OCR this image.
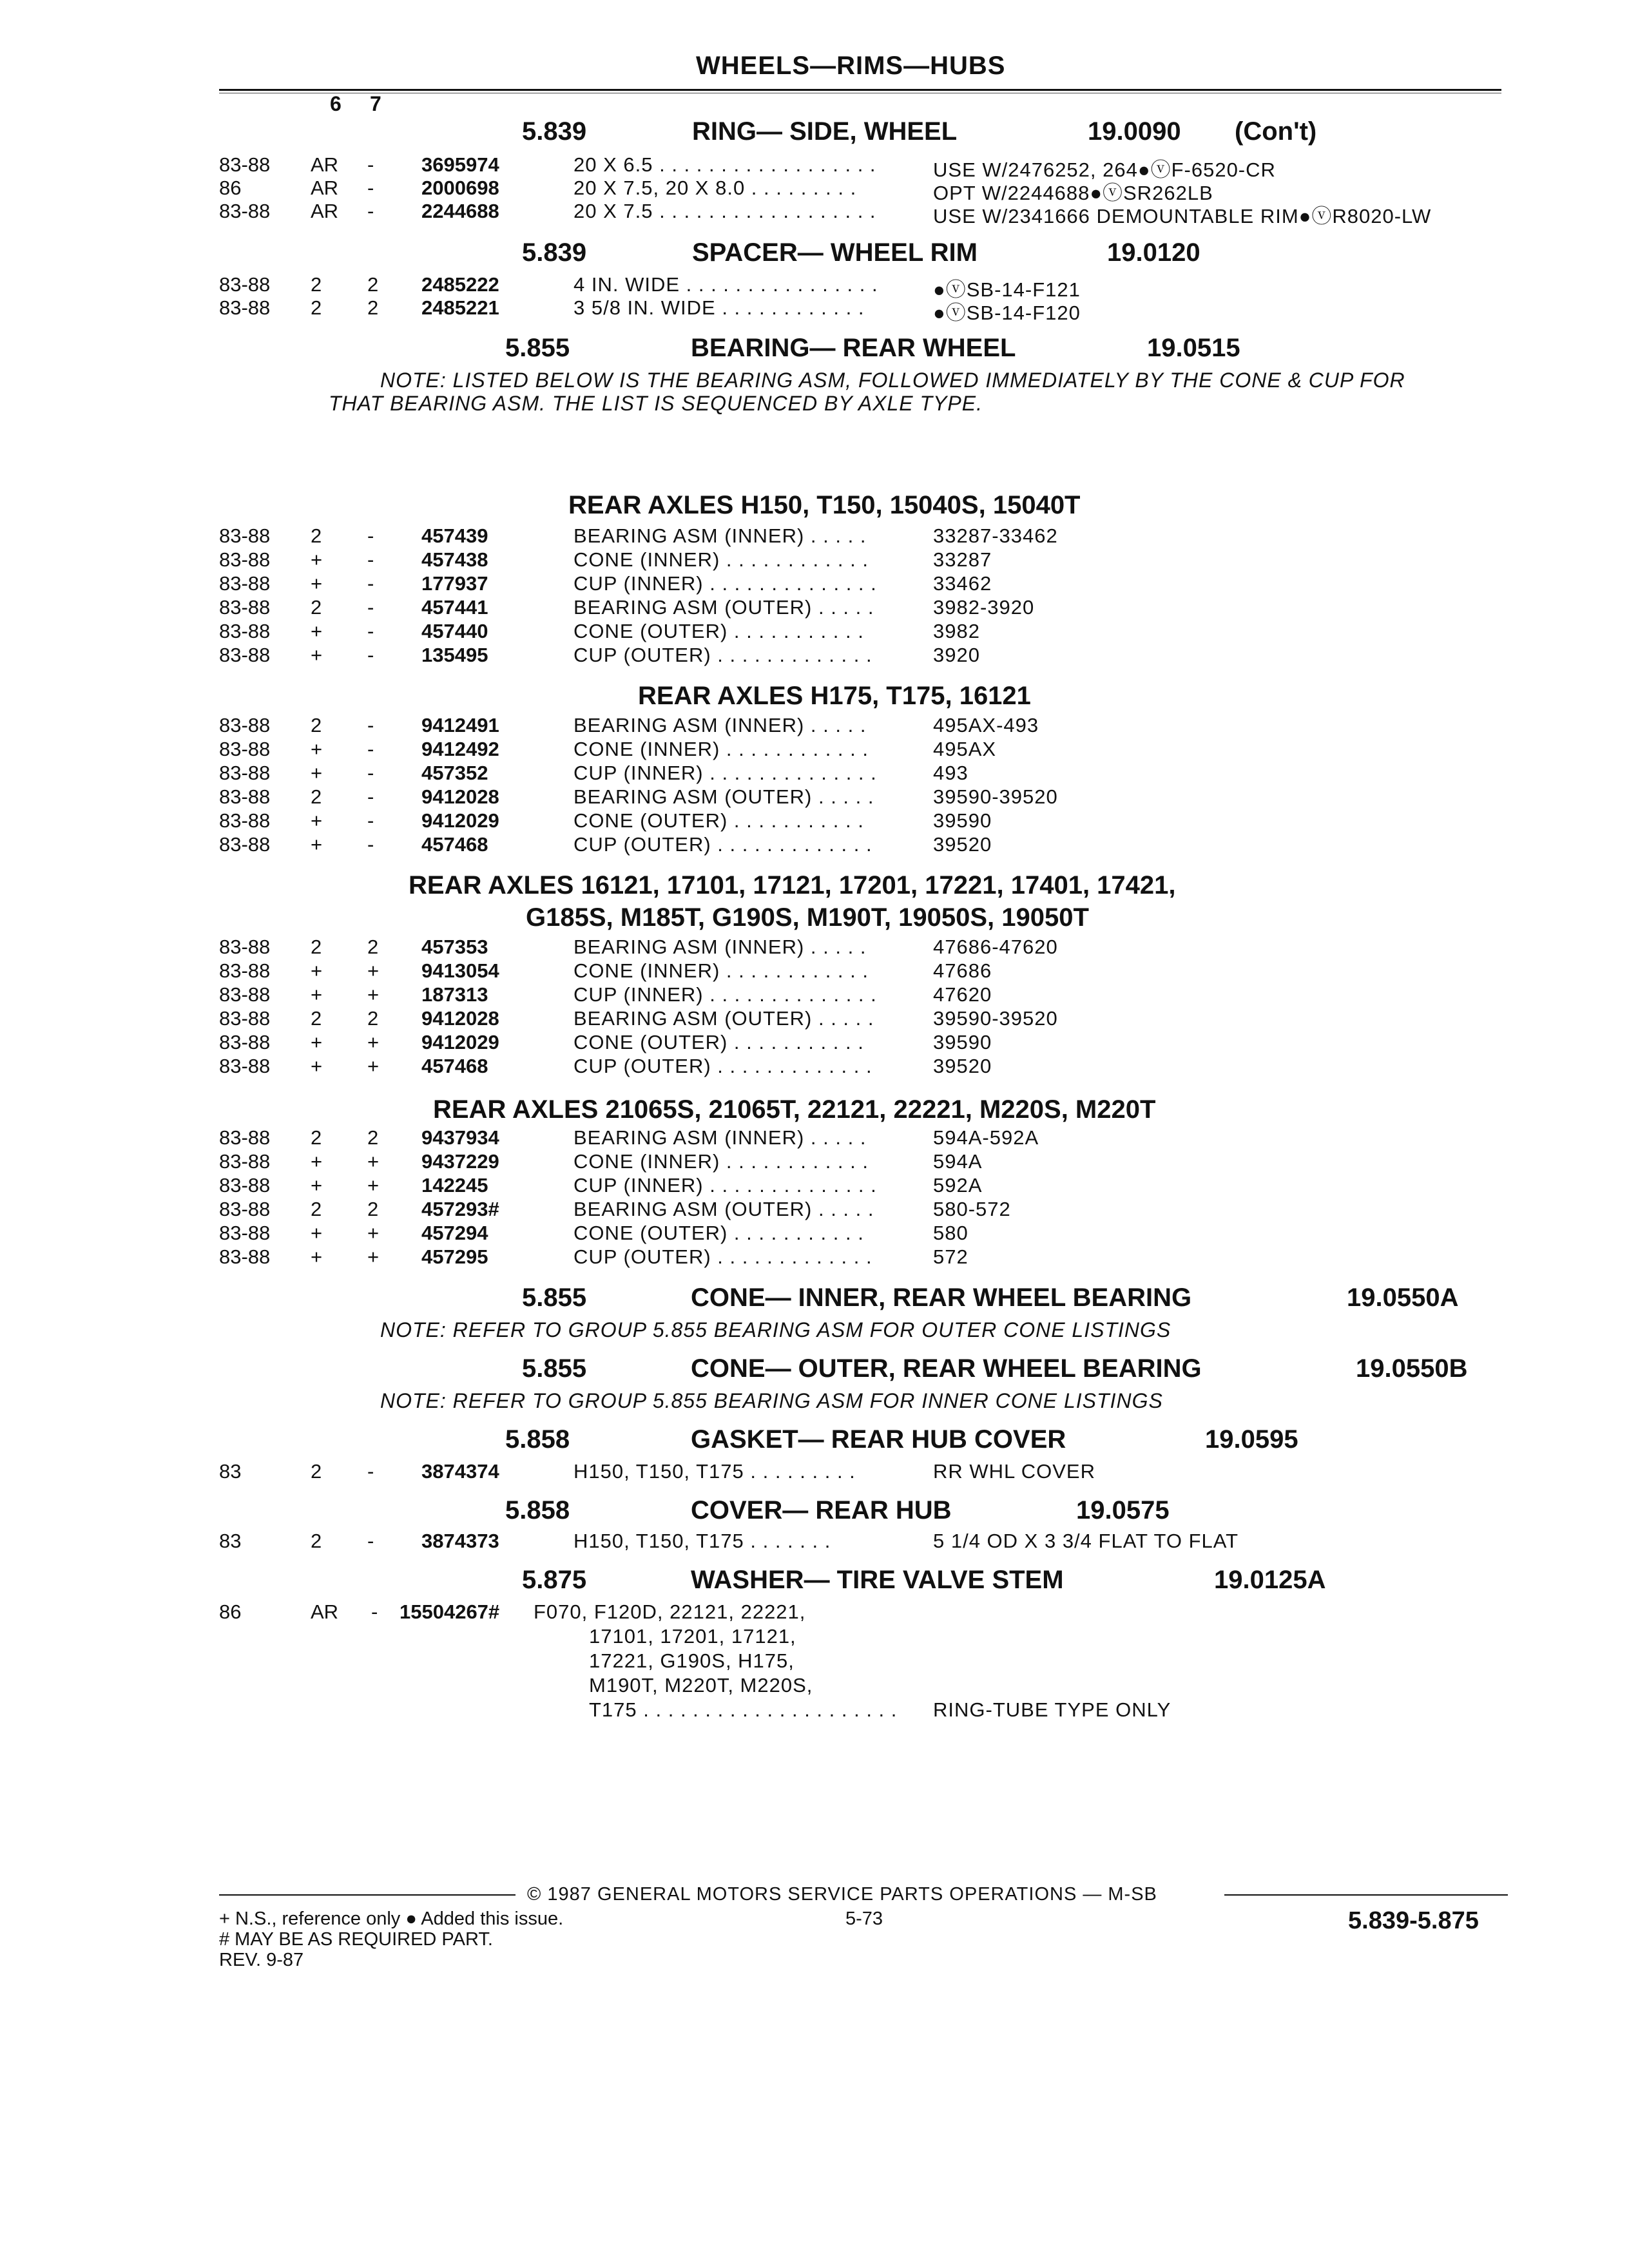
WHEELS—RIMS—HUBS
6 7
5.839	RING— SIDE, WHEEL	19.0090 (Con't)
83-88 AR - 3695974	20 X 6.5 . . . . . . . . . . . . . . . . . .	USE W/2476252, 264●ⓥF-6520-CR
86	AR - 2000698	20 X 7.5, 20 X 8.0 . . . . . . . . .	OPT W/2244688●ⓥSR262LB
83-88 AR - 2244688	20 X 7.5 . . . . . . . . . . . . . . . . . .	USE W/2341666 DEMOUNTABLE RIM●ⓥR8020-LW
5.839	SPACER— WHEEL RIM	19.0120
83-88 2 2 2485222	4 IN. WIDE . . . . . . . . . . . . . . . .	●ⓥSB-14-F121
83-88 2 2 2485221	3 5/8 IN. WIDE . . . . . . . . . . . .	●ⓥSB-14-F120
5.855	BEARING— REAR WHEEL	19.0515
NOTE: LISTED BELOW IS THE BEARING ASM, FOLLOWED IMMEDIATELY BY THE CONE & CUP FOR
THAT BEARING ASM. THE LIST IS SEQUENCED BY AXLE TYPE.
REAR AXLES H150, T150, 15040S, 15040T
83-88 2 - 457439	BEARING ASM (INNER) . . . . .	33287-33462
83-88 + - 457438	CONE (INNER) . . . . . . . . . . . .	33287
83-88 + - 177937	CUP (INNER) . . . . . . . . . . . . . .	33462
83-88 2 - 457441	BEARING ASM (OUTER) . . . . .	3982-3920
83-88 + - 457440	CONE (OUTER) . . . . . . . . . . .	3982
83-88 + - 135495	CUP (OUTER) . . . . . . . . . . . . .	3920
REAR AXLES H175, T175, 16121
83-88 2 - 9412491	BEARING ASM (INNER) . . . . .	495AX-493
83-88 + - 9412492	CONE (INNER) . . . . . . . . . . . .	495AX
83-88 + - 457352	CUP (INNER) . . . . . . . . . . . . . .	493
83-88 2 - 9412028	BEARING ASM (OUTER) . . . . .	39590-39520
83-88 + - 9412029	CONE (OUTER) . . . . . . . . . . .	39590
83-88 + - 457468	CUP (OUTER) . . . . . . . . . . . . .	39520
REAR AXLES 16121, 17101, 17121, 17201, 17221, 17401, 17421,
G185S, M185T, G190S, M190T, 19050S, 19050T
83-88 2 2 457353	BEARING ASM (INNER) . . . . .	47686-47620
83-88 + + 9413054	CONE (INNER) . . . . . . . . . . . .	47686
83-88 + + 187313	CUP (INNER) . . . . . . . . . . . . . .	47620
83-88 2 2 9412028	BEARING ASM (OUTER) . . . . .	39590-39520
83-88 + + 9412029	CONE (OUTER) . . . . . . . . . . .	39590
83-88 + + 457468	CUP (OUTER) . . . . . . . . . . . . .	39520
REAR AXLES 21065S, 21065T, 22121, 22221, M220S, M220T
83-88 2 2 9437934	BEARING ASM (INNER) . . . . .	594A-592A
83-88 + + 9437229	CONE (INNER) . . . . . . . . . . . .	594A
83-88 + + 142245	CUP (INNER) . . . . . . . . . . . . . .	592A
83-88 2 2 457293#	BEARING ASM (OUTER) . . . . .	580-572
83-88 + + 457294	CONE (OUTER) . . . . . . . . . . .	580
83-88 + + 457295	CUP (OUTER) . . . . . . . . . . . . .	572
5.855	CONE— INNER, REAR WHEEL BEARING	19.0550A
NOTE: REFER TO GROUP 5.855 BEARING ASM FOR OUTER CONE LISTINGS
5.855	CONE— OUTER, REAR WHEEL BEARING	19.0550B
NOTE: REFER TO GROUP 5.855 BEARING ASM FOR INNER CONE LISTINGS
5.858	GASKET— REAR HUB COVER	19.0595
83	2 - 3874374	H150, T150, T175 . . . . . . . . .	RR WHL COVER
5.858	COVER— REAR HUB	19.0575
83	2 - 3874373	H150, T150, T175 . . . . . . .	5 1/4 OD X 3 3/4 FLAT TO FLAT
5.875	WASHER— TIRE VALVE STEM	19.0125A
86	AR - 15504267# F070, F120D, 22121, 22221,
17101, 17201, 17121,
17221, G190S, H175,
M190T, M220T, M220S,
T175 . . . . . . . . . . . . . . . . . . . . . RING-TUBE TYPE ONLY
© 1987 GENERAL MOTORS SERVICE PARTS OPERATIONS — M-SB
+ N.S., reference only ● Added this issue.
# MAY BE AS REQUIRED PART.
REV. 9-87
5-73	5.839-5.875
